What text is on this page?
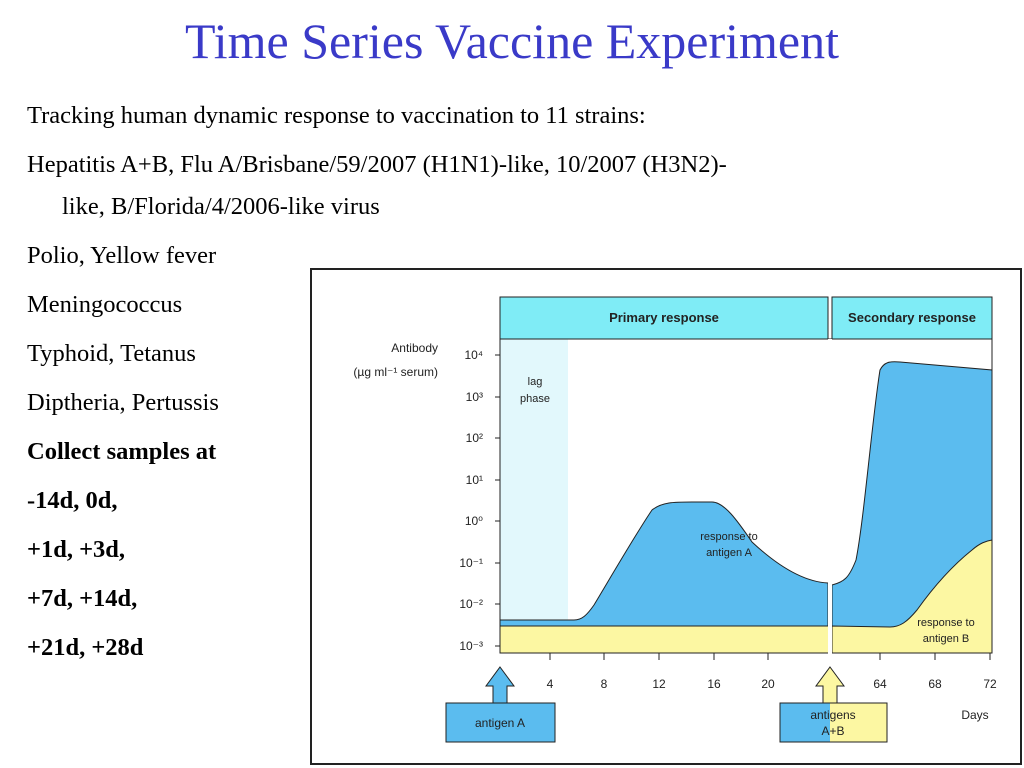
Time Series Vaccine Experiment
Tracking human dynamic response to vaccination to 11 strains:
Hepatitis A+B, Flu A/Brisbane/59/2007 (H1N1)-like, 10/2007 (H3N2)-
like, B/Florida/4/2006-like virus
Polio, Yellow fever
Meningococcus
Typhoid, Tetanus
Diptheria, Pertussis
Collect samples at
-14d, 0d,
+1d, +3d,
+7d, +14d,
+21d, +28d
Primary response	Secondary response
10⁴
10³
10²
10¹
10⁰
10⁻¹
10⁻²
10⁻³
Antibody
(µg ml⁻¹ serum)
4	8	12	16	20	64	68	72
Days
lag
phase
response to
antigen A
response to
antigen B
antigen A
antigens
A+B
